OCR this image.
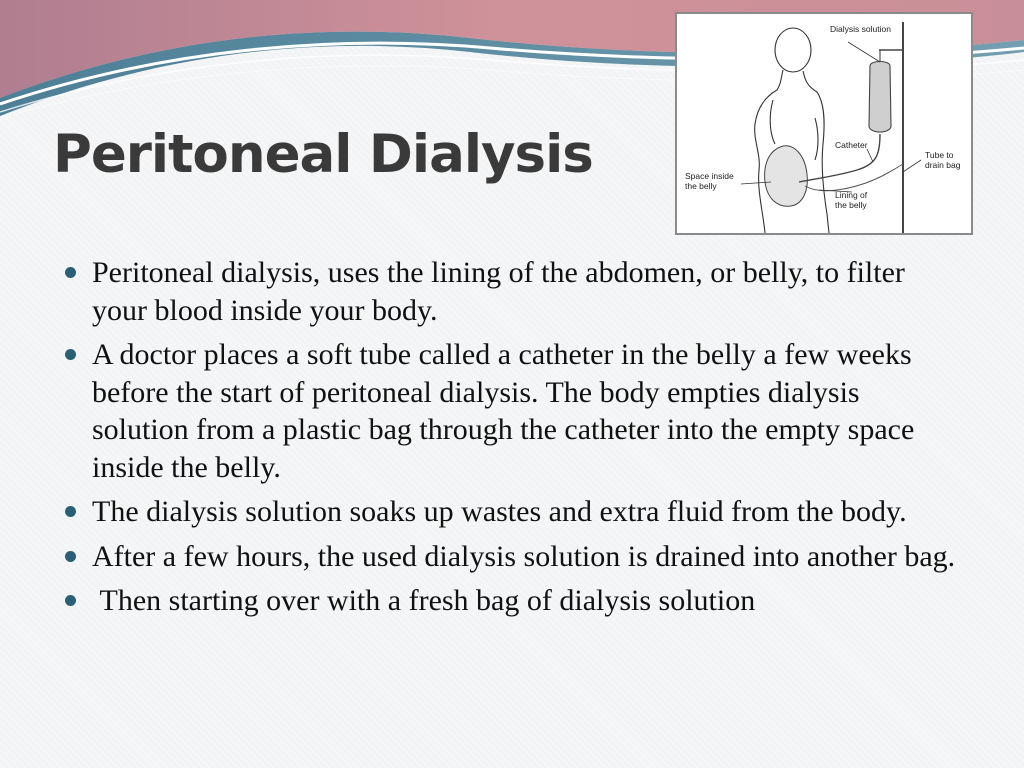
Peritoneal Dialysis
Dialysis solution
Catheter
Tube to
drain bag
Space inside
the belly
Lining of
the belly
Peritoneal dialysis, uses the lining of the abdomen, or belly, to filter your blood inside your body.
A doctor places a soft tube called a catheter in the belly a few weeks before the start of peritoneal dialysis. The body empties dialysis solution from a plastic bag through the catheter into the empty space inside the belly.
The dialysis solution soaks up wastes and extra fluid from the body.
After a few hours, the used dialysis solution is drained into another bag.
Then starting over with a fresh bag of dialysis solution
